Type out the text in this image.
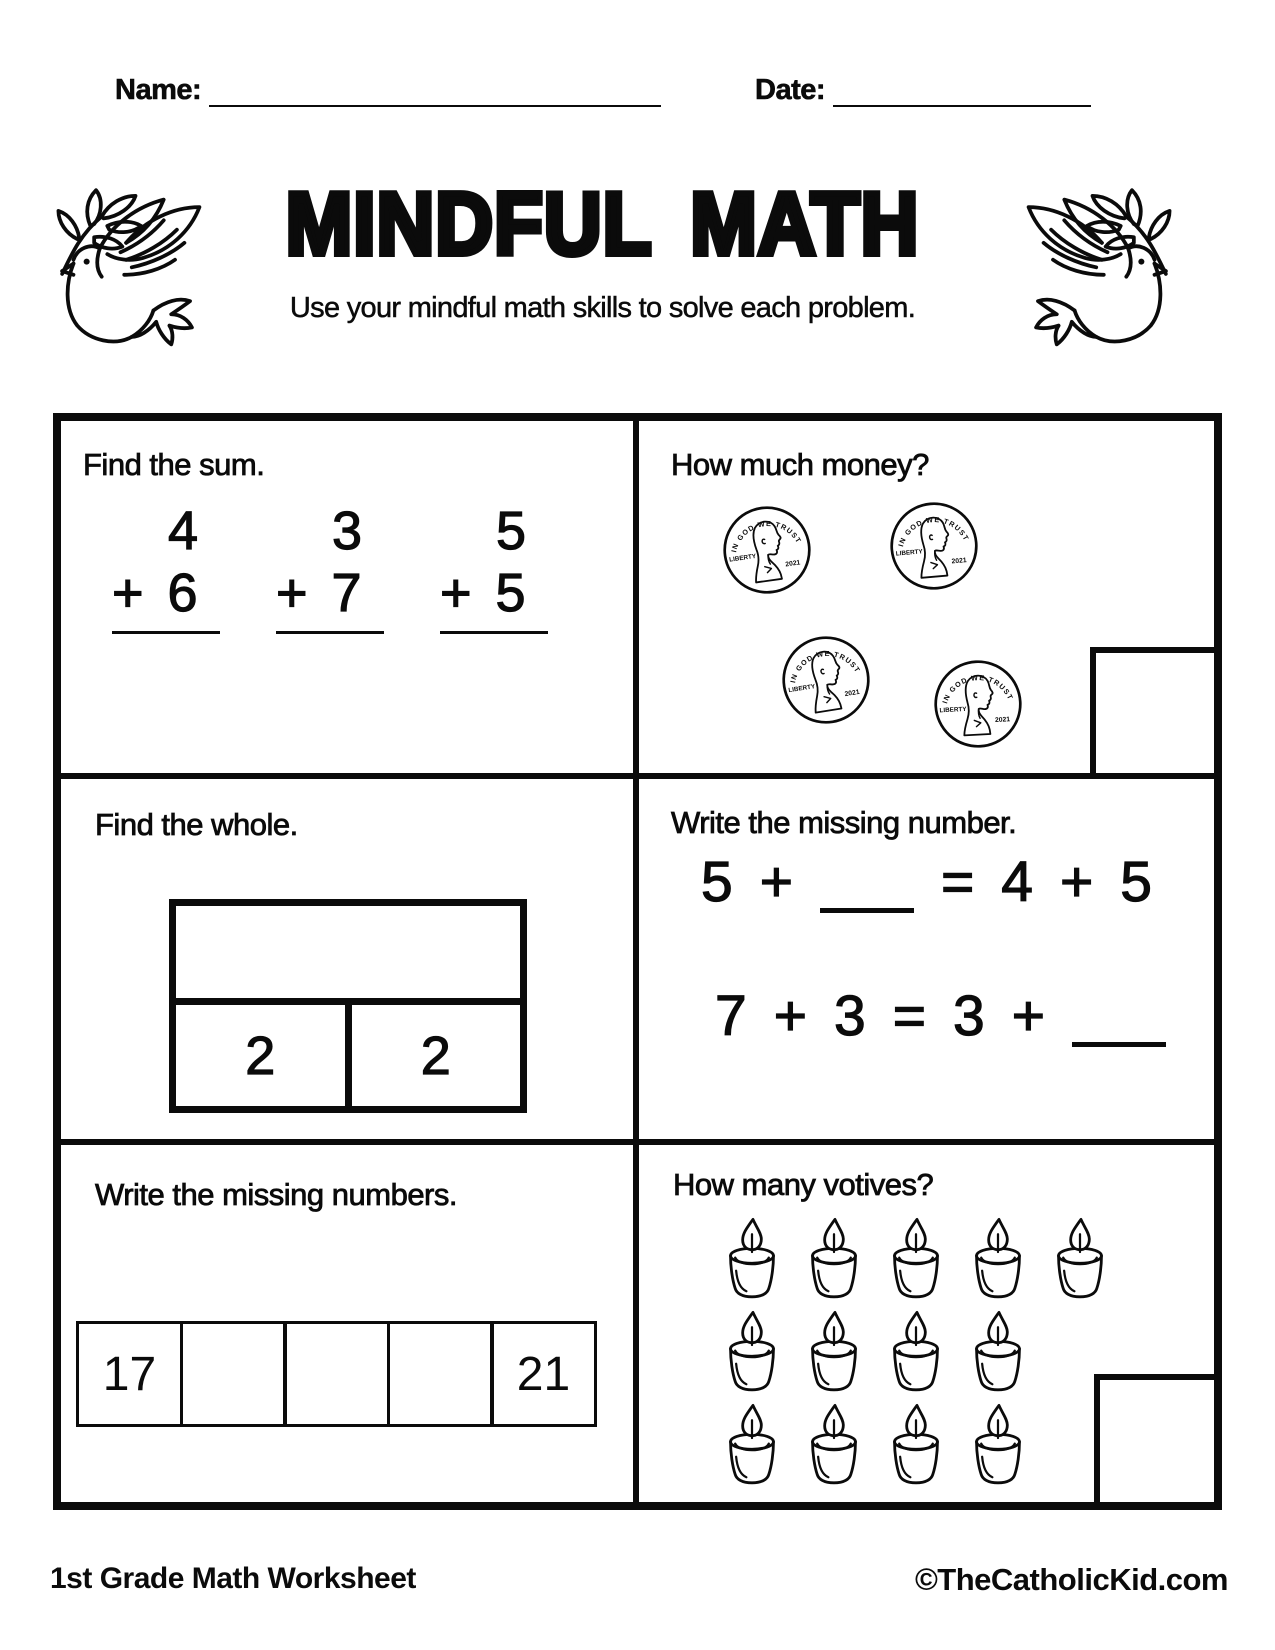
Name:	Date:
MINDFUL MATH
Use your mindful math skills to solve each problem.
Find the sum.
4
+ 6
3
+ 7
5
+ 5
How much money?
IN GOD WE TRUST
LIBERTY
2021
IN GOD WE TRUST
LIBERTY
2021
IN GOD WE TRUST
LIBERTY	2021
IN GOD WE TRUST
LIBERTY
2021
Find the whole.
2	2
Write the missing number.
5 +	= 4 + 5
7 + 3 = 3 +
Write the missing numbers.
17	21
How many votives?
1st Grade Math Worksheet	©TheCatholicKid.com
